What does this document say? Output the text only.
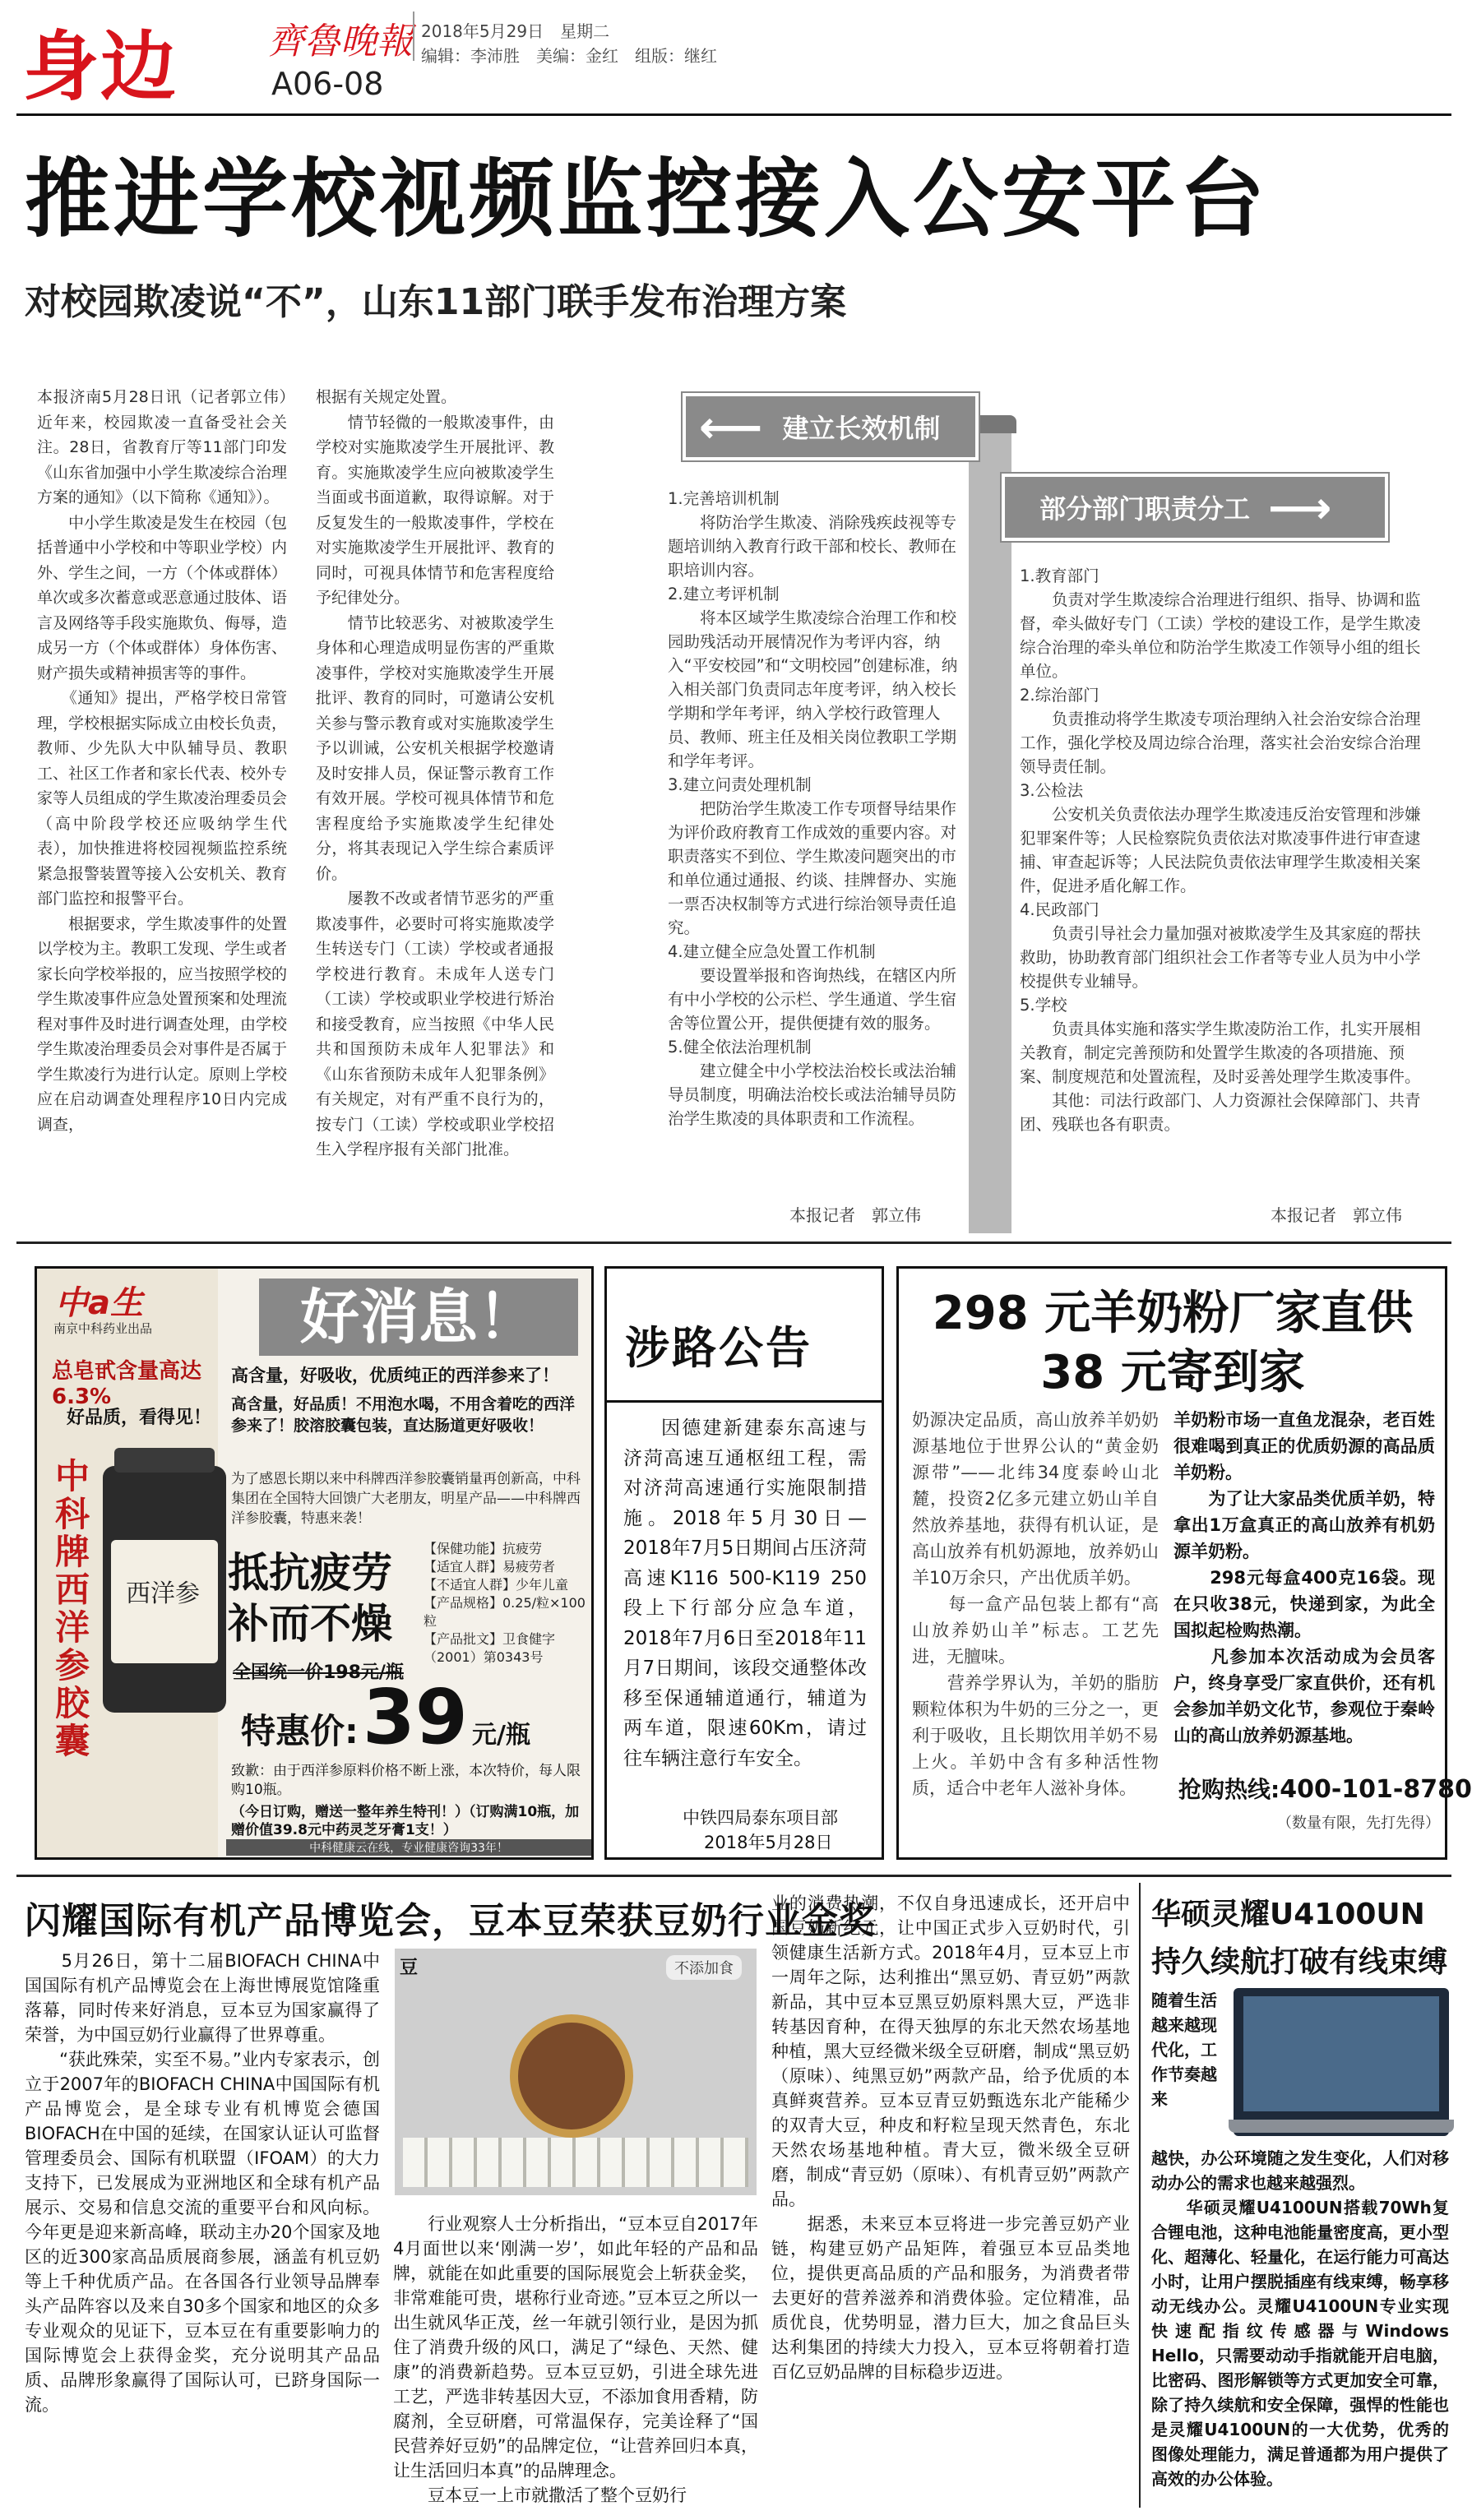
身边 齊魯晚報
A06-08
2018年5月29日　 星期二
编辑：李沛胜　美编：金红　组版：继红
推进学校视频监控接入公安平台
对校园欺凌说“不”，山东11部门联手发布治理方案
本报济南5月28日讯（记者郭立伟）　近年来，校园欺凌一直备受社会关注。28日，省教育厅等11部门印发《山东省加强中小学生欺凌综合治理方案的通知》（以下简称《通知》）。
　　中小学生欺凌是发生在校园（包括普通中小学校和中等职业学校）内外、学生之间，一方（个体或群体）单次或多次蓄意或恶意通过肢体、语言及网络等手段实施欺负、侮辱，造成另一方（个体或群体）身体伤害、财产损失或精神损害等的事件。
　　《通知》提出，严格学校日常管理，学校根据实际成立由校长负责，教师、少先队大中队辅导员、教职工、社区工作者和家长代表、校外专家等人员组成的学生欺凌治理委员会（高中阶段学校还应吸纳学生代表），加快推进将校园视频监控系统紧急报警装置等接入公安机关、教育部门监控和报警平台。
　　根据要求，学生欺凌事件的处置以学校为主。教职工发现、学生或者家长向学校举报的，应当按照学校的学生欺凌事件应急处置预案和处理流程对事件及时进行调查处理，由学校学生欺凌治理委员会对事件是否属于学生欺凌行为进行认定。原则上学校应在启动调查处理程序10日内完成调查，
根据有关规定处置。
　　情节轻微的一般欺凌事件，由学校对实施欺凌学生开展批评、教育。实施欺凌学生应向被欺凌学生当面或书面道歉，取得谅解。对于反复发生的一般欺凌事件，学校在对实施欺凌学生开展批评、教育的同时，可视具体情节和危害程度给予纪律处分。
　　情节比较恶劣、对被欺凌学生身体和心理造成明显伤害的严重欺凌事件，学校对实施欺凌学生开展批评、教育的同时，可邀请公安机关参与警示教育或对实施欺凌学生予以训诫，公安机关根据学校邀请及时安排人员，保证警示教育工作有效开展。学校可视具体情节和危害程度给予实施欺凌学生纪律处分，将其表现记入学生综合素质评价。
　　屡教不改或者情节恶劣的严重欺凌事件，必要时可将实施欺凌学生转送专门（工读）学校或者通报学校进行教育。未成年人送专门（工读）学校或职业学校进行矫治和接受教育，应当按照《中华人民共和国预防未成年人犯罪法》和《山东省预防未成年人犯罪条例》有关规定，对有严重不良行为的，按专门（工读）学校或职业学校招生入学程序报有关部门批准。
⟵ 建立长效机制
部分部门职责分工 ⟶
1.完善培训机制
　　将防治学生欺凌、消除残疾歧视等专题培训纳入教育行政干部和校长、教师在职培训内容。
2.建立考评机制
　　将本区域学生欺凌综合治理工作和校园助残活动开展情况作为考评内容，纳入“平安校园”和“文明校园”创建标准，纳入相关部门负责同志年度考评，纳入校长学期和学年考评，纳入学校行政管理人员、教师、班主任及相关岗位教职工学期和学年考评。
3.建立问责处理机制
　　把防治学生欺凌工作专项督导结果作为评价政府教育工作成效的重要内容。对职责落实不到位、学生欺凌问题突出的市和单位通过通报、约谈、挂牌督办、实施一票否决权制等方式进行综治领导责任追究。
4.建立健全应急处置工作机制
　　要设置举报和咨询热线，在辖区内所有中小学校的公示栏、学生通道、学生宿舍等位置公开，提供便捷有效的服务。
5.健全依法治理机制
　　建立健全中小学校法治校长或法治辅导员制度，明确法治校长或法治辅导员防治学生欺凌的具体职责和工作流程。
本报记者　郭立伟
1.教育部门
　　负责对学生欺凌综合治理进行组织、指导、协调和监督，牵头做好专门（工读）学校的建设工作，是学生欺凌综合治理的牵头单位和防治学生欺凌工作领导小组的组长单位。
2.综治部门
　　负责推动将学生欺凌专项治理纳入社会治安综合治理工作，强化学校及周边综合治理，落实社会治安综合治理领导责任制。
3.公检法
　　公安机关负责依法办理学生欺凌违反治安管理和涉嫌犯罪案件等；人民检察院负责依法对欺凌事件进行审查逮捕、审查起诉等；人民法院负责依法审理学生欺凌相关案件，促进矛盾化解工作。
4.民政部门
　　负责引导社会力量加强对被欺凌学生及其家庭的帮扶救助，协助教育部门组织社会工作者等专业人员为中小学校提供专业辅导。
5.学校
　　负责具体实施和落实学生欺凌防治工作，扎实开展相关教育，制定完善预防和处置学生欺凌的各项措施、预案、制度规范和处置流程，及时妥善处理学生欺凌事件。
　　其他：司法行政部门、人力资源社会保障部门、共青团、残联也各有职责。
本报记者　郭立伟
中a生
南京中科药业出品
总皂甙含量高达6.3%
好品质，看得见！
中科牌西洋参胶囊 西洋参
好消息！
高含量，好吸收，优质纯正的西洋参来了！
高含量，好品质！不用泡水喝，不用含着吃的西洋参来了！胶溶胶囊包装，直达肠道更好吸收！
为了感恩长期以来中科牌西洋参胶囊销量再创新高，中科集团在全国特大回馈广大老朋友，明星产品——中科牌西洋参胶囊，特惠来袭！
抵抗疲劳
补而不燥
【保健功能】抗疲劳
【适宜人群】易疲劳者
【不适宜人群】少年儿童
【产品规格】0.25/粒×100粒
【产品批文】卫食健字（2001）第0343号
全国统一价198元/瓶
特惠价: 39 元/瓶
致歉：由于西洋参原料价格不断上涨，本次特价，每人限购10瓶。
（今日订购，赠送一整年养生特刊！）（订购满10瓶，加赠价值39.8元中药灵芝牙膏1支！）
中科健康云在线，专业健康咨询33年！
涉路公告
因德建新建泰东高速与济菏高速互通枢纽工程，需对济菏高速通行实施限制措施。2018年5月30日—2018年7月5日期间占压济菏高速K116 500-K119 250段上下行部分应急车道，2018年7月6日至2018年11月7日期间，该段交通整体改移至保通辅道通行，辅道为两车道，限速60Km，请过往车辆注意行车安全。
中铁四局泰东项目部
2018年5月28日
298 元羊奶粉厂家直供
38 元寄到家
奶源决定品质，高山放养羊奶奶源基地位于世界公认的“黄金奶源带”——北纬34度泰岭山北麓，投资2亿多元建立奶山羊自然放养基地，获得有机认证，是高山放养有机奶源地，放养奶山羊10万余只，产出优质羊奶。
　　每一盒产品包装上都有“高山放养奶山羊”标志。工艺先进，无膻味。
　　营养学界认为，羊奶的脂肪颗粒体积为牛奶的三分之一，更利于吸收，且长期饮用羊奶不易上火。羊奶中含有多种活性物质，适合中老年人滋补身体。
羊奶粉市场一直鱼龙混杂，老百姓很难喝到真正的优质奶源的高品质羊奶粉。
　　为了让大家品类优质羊奶，特拿出1万盒真正的高山放养有机奶源羊奶粉。
　　298元每盒400克16袋。现在只收38元，快递到家，为此全国拟起检购热潮。
　　凡参加本次活动成为会员客户，终身享受厂家直供价，还有机会参加羊奶文化节，参观位于秦岭山的高山放养奶源基地。
抢购热线:400-101-8780
（数量有限，先打先得）
闪耀国际有机产品博览会，豆本豆荣获豆奶行业金奖
　　5月26日，第十二届BIOFACH CHINA中国国际有机产品博览会在上海世博展览馆隆重落幕，同时传来好消息，豆本豆为国家赢得了荣誉，为中国豆奶行业赢得了世界尊重。
　　“获此殊荣，实至不易。”业内专家表示，创立于2007年的BIOFACH CHINA中国国际有机产品博览会，是全球专业有机博览会德国BIOFACH在中国的延续，在国家认证认可监督管理委员会、国际有机联盟（IFOAM）的大力支持下，已发展成为亚洲地区和全球有机产品展示、交易和信息交流的重要平台和风向标。今年更是迎来新高峰，联动主办20个国家及地区的近300家高品质展商参展，涵盖有机豆奶等上千种优质产品。在各国各行业领导品牌奉头产品阵容以及来自30多个国家和地区的众多专业观众的见证下，豆本豆在有重要影响力的国际博览会上获得金奖，充分说明其产品品质、品牌形象赢得了国际认可，已跻身国际一流。
豆	不添加食
　　行业观察人士分析指出，“豆本豆自2017年4月面世以来‘刚满一岁’，如此年轻的产品和品牌，就能在如此重要的国际展览会上斩获金奖，非常难能可贵，堪称行业奇迹。”豆本豆之所以一出生就风华正茂，丝一年就引领行业，是因为抓住了消费升级的风口，满足了“绿色、天然、健康”的消费新趋势。豆本豆豆奶，引进全球先进工艺，严选非转基因大豆，不添加食用香精，防腐剂，全豆研磨，可常温保存，完美诠释了“国民营养好豆奶”的品牌定位，“让营养回归本真，让生活回归本真”的品牌理念。
　　豆本豆一上市就撒活了整个豆奶行
业的消费热潮，不仅自身迅速成长，还开启中国豆奶新纪元，让中国正式步入豆奶时代，引领健康生活新方式。2018年4月，豆本豆上市一周年之际，达利推出“黑豆奶、青豆奶”两款新品，其中豆本豆黑豆奶原料黑大豆，严选非转基因育种，在得天独厚的东北天然农场基地种植，黑大豆经微米级全豆研磨，制成“黑豆奶（原味）、纯黑豆奶”两款产品，给予优质的本真鲜爽营养。豆本豆青豆奶甄选东北产能稀少的双青大豆，种皮和籽粒呈现天然青色，东北天然农场基地种植。青大豆，微米级全豆研磨，制成“青豆奶（原味）、有机青豆奶”两款产品。
　　据悉，未来豆本豆将进一步完善豆奶产业链，构建豆奶产品矩阵，着强豆本豆品类地位，提供更高品质的产品和服务，为消费者带去更好的营养滋养和消费体验。定位精准，品质优良，优势明显，潜力巨大，加之食品巨头达利集团的持续大力投入，豆本豆将朝着打造百亿豆奶品牌的目标稳步迈进。
华硕灵耀U4100UN
持久续航打破有线束缚
随着生活越来越现代化，工作节奏越来
越快，办公环境随之发生变化，人们对移动办公的需求也越来越强烈。
　　华硕灵耀U4100UN搭载70Wh复合锂电池，这种电池能量密度高，更小型化、超薄化、轻量化，在运行能力可高达小时，让用户摆脱插座有线束缚，畅享移动无线办公。灵耀U4100UN专业实现快速配指纹传感器与Windows Hello，只需要动动手指就能开启电脑，比密码、图形解锁等方式更加安全可靠，除了持久续航和安全保障，强悍的性能也是灵耀U4100UN的一大优势，优秀的图像处理能力，满足普通都为用户提供了高效的办公体验。
